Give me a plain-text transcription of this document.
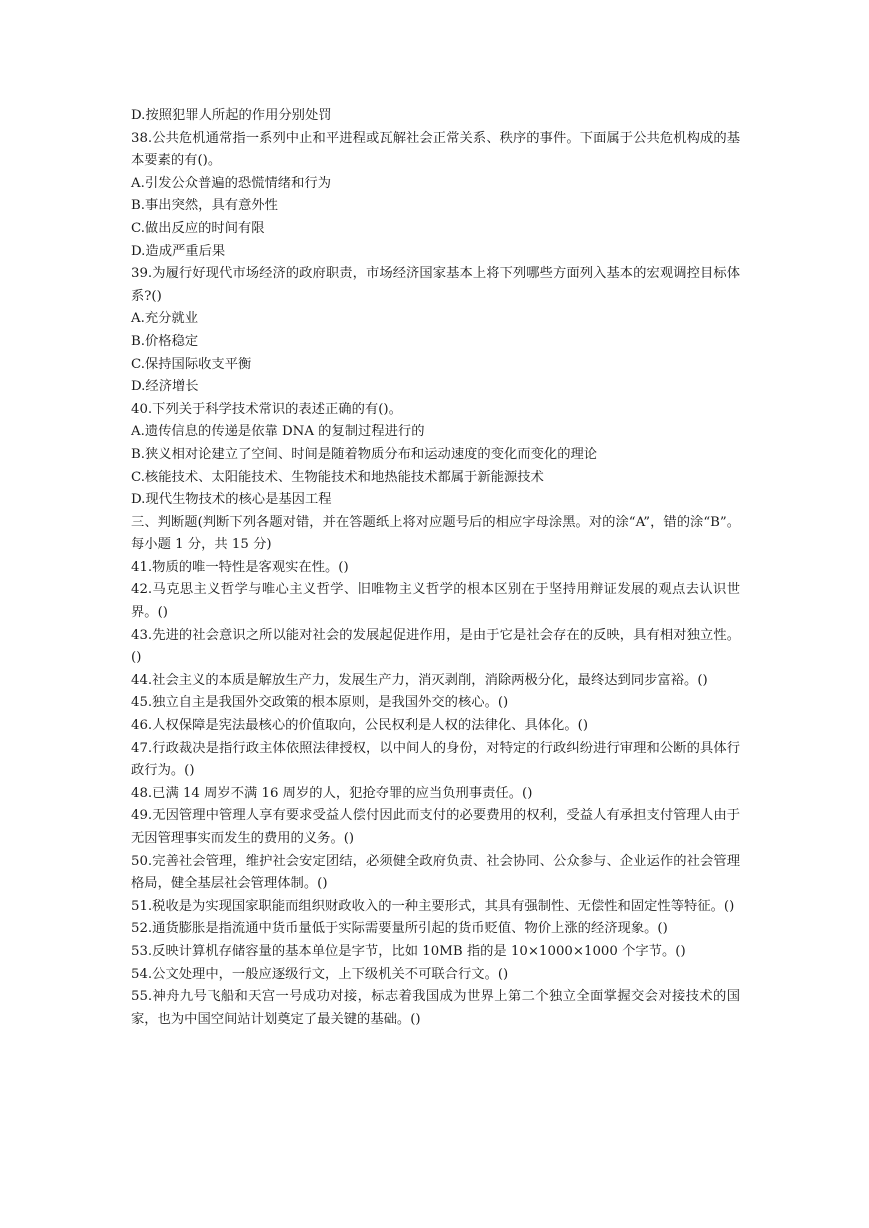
D.按照犯罪人所起的作用分别处罚

38.公共危机通常指一系列中止和平进程或瓦解社会正常关系、秩序的事件。下面属于公共危机构成的基本要素的有()。

A.引发公众普遍的恐慌情绪和行为

B.事出突然，具有意外性

C.做出反应的时间有限

D.造成严重后果

39.为履行好现代市场经济的政府职责，市场经济国家基本上将下列哪些方面列入基本的宏观调控目标体系?()

A.充分就业

B.价格稳定

C.保持国际收支平衡

D.经济增长

40.下列关于科学技术常识的表述正确的有()。

A.遗传信息的传递是依靠 DNA 的复制过程进行的

B.狭义相对论建立了空间、时间是随着物质分布和运动速度的变化而变化的理论

C.核能技术、太阳能技术、生物能技术和地热能技术都属于新能源技术

D.现代生物技术的核心是基因工程

三、判断题(判断下列各题对错，并在答题纸上将对应题号后的相应字母涂黑。对的涂“A”，错的涂“B”。每小题 1 分，共 15 分)

41.物质的唯一特性是客观实在性。()

42.马克思主义哲学与唯心主义哲学、旧唯物主义哲学的根本区别在于坚持用辩证发展的观点去认识世界。()

43.先进的社会意识之所以能对社会的发展起促进作用，是由于它是社会存在的反映，具有相对独立性。()

44.社会主义的本质是解放生产力，发展生产力，消灭剥削，消除两极分化，最终达到同步富裕。()

45.独立自主是我国外交政策的根本原则，是我国外交的核心。()

46.人权保障是宪法最核心的价值取向，公民权利是人权的法律化、具体化。()

47.行政裁决是指行政主体依照法律授权，以中间人的身份，对特定的行政纠纷进行审理和公断的具体行政行为。()

48.已满 14 周岁不满 16 周岁的人，犯抢夺罪的应当负刑事责任。()

49.无因管理中管理人享有要求受益人偿付因此而支付的必要费用的权利，受益人有承担支付管理人由于无因管理事实而发生的费用的义务。()

50.完善社会管理，维护社会安定团结，必须健全政府负责、社会协同、公众参与、企业运作的社会管理格局，健全基层社会管理体制。()

51.税收是为实现国家职能而组织财政收入的一种主要形式，其具有强制性、无偿性和固定性等特征。()

52.通货膨胀是指流通中货币量低于实际需要量所引起的货币贬值、物价上涨的经济现象。()

53.反映计算机存储容量的基本单位是字节，比如 10MB 指的是 10×1000×1000 个字节。()

54.公文处理中，一般应逐级行文，上下级机关不可联合行文。()

55.神舟九号飞船和天宫一号成功对接，标志着我国成为世界上第二个独立全面掌握交会对接技术的国家，也为中国空间站计划奠定了最关键的基础。()
